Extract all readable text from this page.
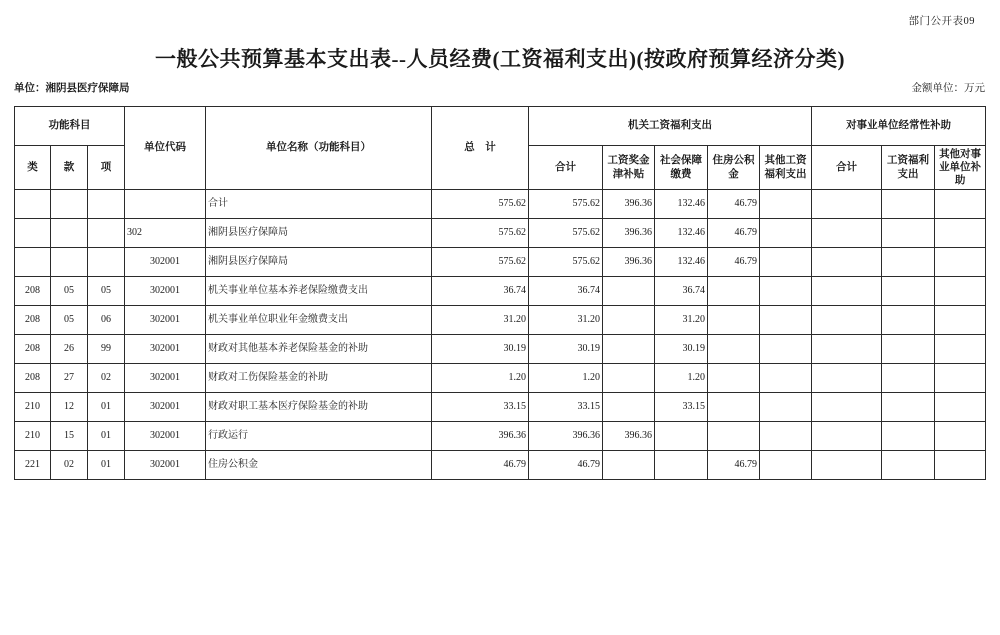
部门公开表09
一般公共预算基本支出表--人员经费(工资福利支出)(按政府预算经济分类)
单位：湘阴县医疗保障局	金额单位：万元
功能科目			单位代码	单位名称（功能科目）	总　计	机关工资福利支出					对事业单位经常性补助		
类	款	项				合计	工资奖金津补贴	社会保障缴费	住房公积金	其他工资福利支出	合计	工资福利支出	其他对事业单位补助
				合计	575.62	575.62	396.36	132.46	46.79				
			302	湘阴县医疗保障局	575.62	575.62	396.36	132.46	46.79				
			302001	湘阴县医疗保障局	575.62	575.62	396.36	132.46	46.79				
208	05	05	302001	机关事业单位基本养老保险缴费支出	36.74	36.74		36.74					
208	05	06	302001	机关事业单位职业年金缴费支出	31.20	31.20		31.20					
208	26	99	302001	财政对其他基本养老保险基金的补助	30.19	30.19		30.19					
208	27	02	302001	财政对工伤保险基金的补助	1.20	1.20		1.20					
210	12	01	302001	财政对职工基本医疗保险基金的补助	33.15	33.15		33.15					
210	15	01	302001	行政运行	396.36	396.36	396.36						
221	02	01	302001	住房公积金	46.79	46.79			46.79				
